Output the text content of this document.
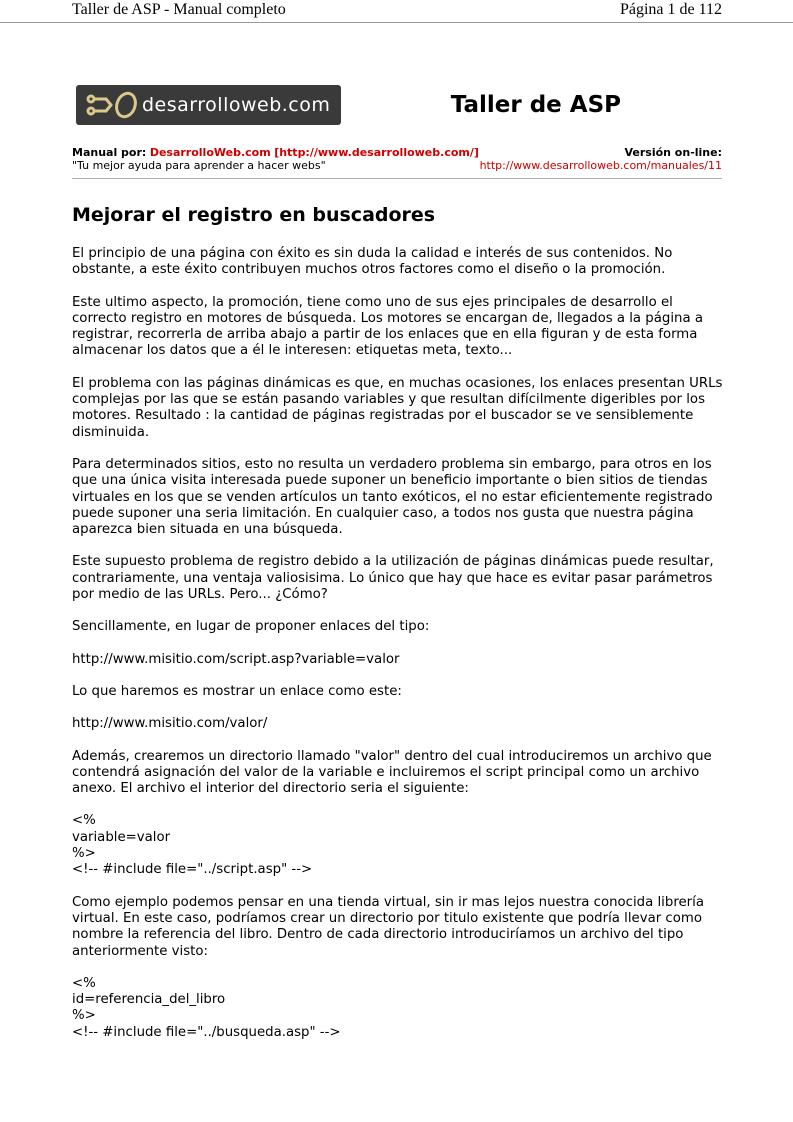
Taller de ASP - Manual completo	Página 1 de 112
desarrolloweb.com	Taller de ASP
Manual por: DesarrolloWeb.com [http://www.desarrolloweb.com/]	Versión on-line:
"Tu mejor ayuda para aprender a hacer webs"	http://www.desarrolloweb.com/manuales/11
Mejorar el registro en buscadores

El principio de una página con éxito es sin duda la calidad e interés de sus contenidos. No obstante, a este éxito contribuyen muchos otros factores como el diseño o la promoción.

Este ultimo aspecto, la promoción, tiene como uno de sus ejes principales de desarrollo el correcto registro en motores de búsqueda. Los motores se encargan de, llegados a la página a registrar, recorrerla de arriba abajo a partir de los enlaces que en ella figuran y de esta forma almacenar los datos que a él le interesen: etiquetas meta, texto...

El problema con las páginas dinámicas es que, en muchas ocasiones, los enlaces presentan URLs complejas por las que se están pasando variables y que resultan difícilmente digeribles por los motores. Resultado : la cantidad de páginas registradas por el buscador se ve sensiblemente disminuida.

Para determinados sitios, esto no resulta un verdadero problema sin embargo, para otros en los que una única visita interesada puede suponer un beneficio importante o bien sitios de tiendas virtuales en los que se venden artículos un tanto exóticos, el no estar eficientemente registrado puede suponer una seria limitación. En cualquier caso, a todos nos gusta que nuestra página aparezca bien situada en una búsqueda.

Este supuesto problema de registro debido a la utilización de páginas dinámicas puede resultar, contrariamente, una ventaja valiosisima. Lo único que hay que hace es evitar pasar parámetros por medio de las URLs. Pero... ¿Cómo?

Sencillamente, en lugar de proponer enlaces del tipo:

http://www.misitio.com/script.asp?variable=valor

Lo que haremos es mostrar un enlace como este:

http://www.misitio.com/valor/

Además, crearemos un directorio llamado "valor" dentro del cual introduciremos un archivo que contendrá asignación del valor de la variable e incluiremos el script principal como un archivo anexo. El archivo el interior del directorio seria el siguiente:

<%
variable=valor
%>
<!-- #include file="../script.asp" -->

Como ejemplo podemos pensar en una tienda virtual, sin ir mas lejos nuestra conocida librería virtual. En este caso, podríamos crear un directorio por titulo existente que podría llevar como nombre la referencia del libro. Dentro de cada directorio introduciríamos un archivo del tipo anteriormente visto:

<%
id=referencia_del_libro
%>
<!-- #include file="../busqueda.asp" -->
